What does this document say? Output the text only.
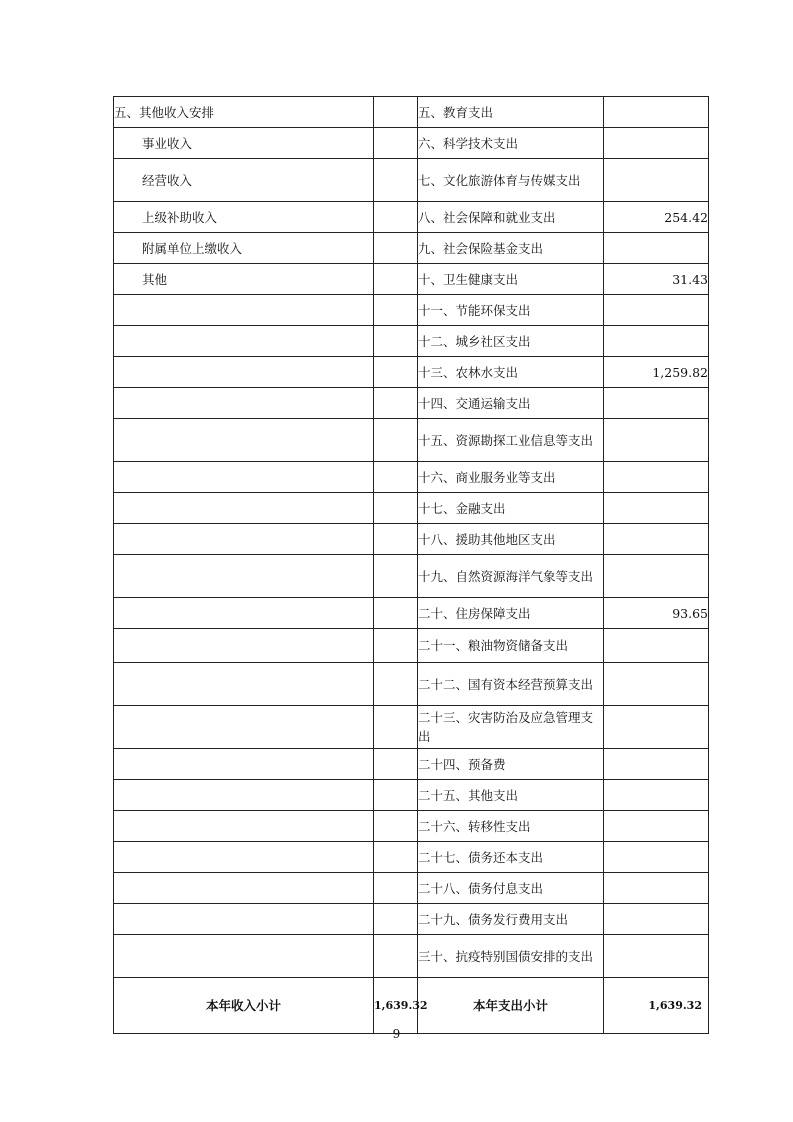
五、其他收入安排		五、教育支出	
事业收入		六、科学技术支出	
经营收入		七、文化旅游体育与传媒支出	
上级补助收入		八、社会保障和就业支出	254.42
附属单位上缴收入		九、社会保险基金支出	
其他		十、卫生健康支出	31.43
		十一、节能环保支出	
		十二、城乡社区支出	
		十三、农林水支出	1,259.82
		十四、交通运输支出	
		十五、资源勘探工业信息等支出	
		十六、商业服务业等支出	
		十七、金融支出	
		十八、援助其他地区支出	
		十九、自然资源海洋气象等支出	
		二十、住房保障支出	93.65
		二十一、粮油物资储备支出	
		二十二、国有资本经营预算支出	
		二十三、灾害防治及应急管理支出	
		二十四、预备费	
		二十五、其他支出	
		二十六、转移性支出	
		二十七、债务还本支出	
		二十八、债务付息支出	
		二十九、债务发行费用支出	
		三十、抗疫特别国债安排的支出	
本年收入小计	1,639.32	本年支出小计	1,639.32
9
